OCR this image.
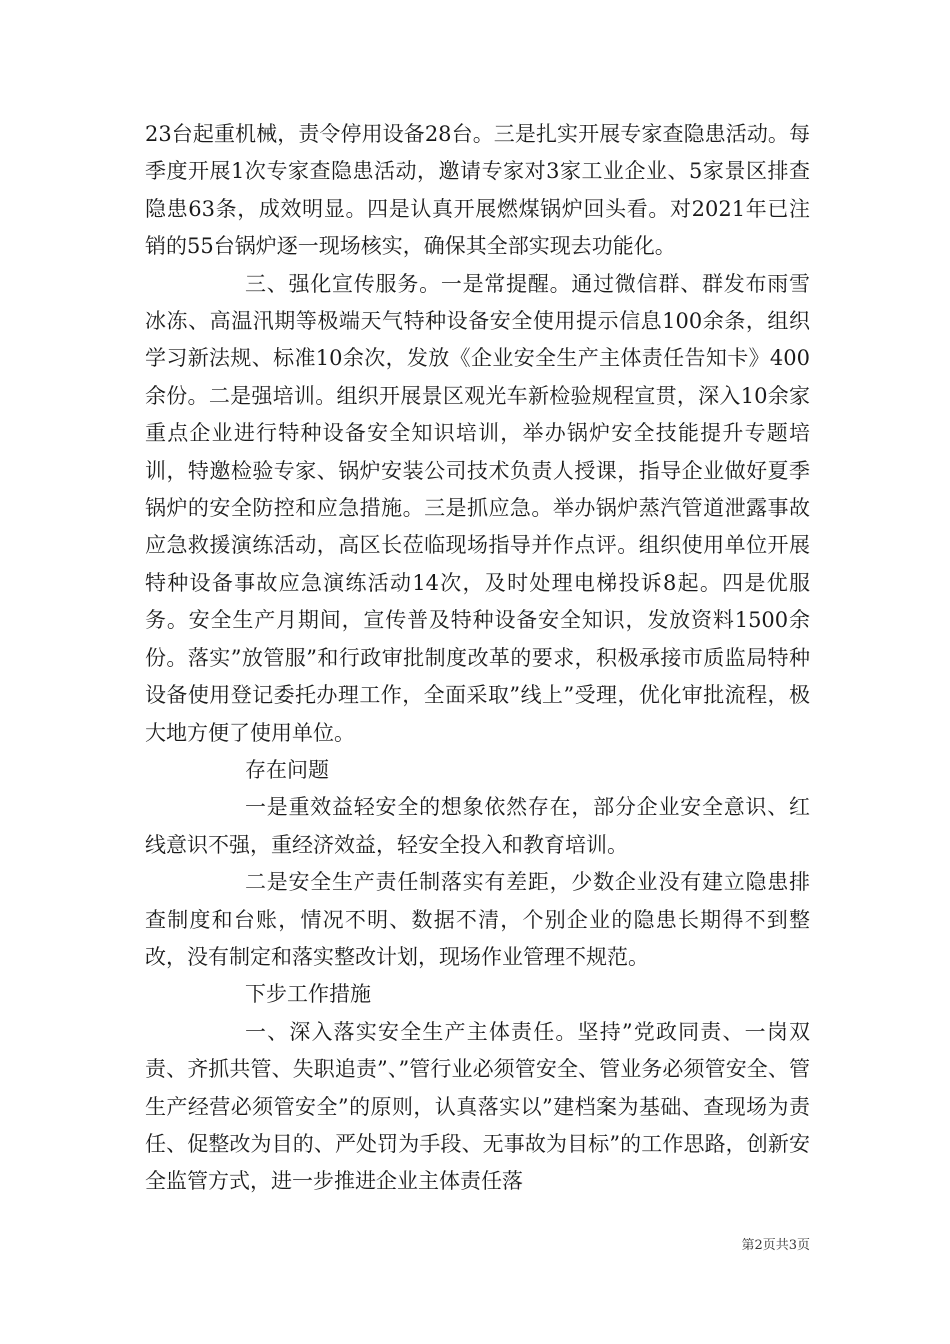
23台起重机械，责令停用设备28台。三是扎实开展专家查隐患活动。每季度开展1次专家查隐患活动，邀请专家对3家工业企业、5家景区排查隐患63条，成效明显。四是认真开展燃煤锅炉回头看。对2021年已注销的55台锅炉逐一现场核实，确保其全部实现去功能化。

三、强化宣传服务。一是常提醒。通过微信群、群发布雨雪冰冻、高温汛期等极端天气特种设备安全使用提示信息100余条，组织学习新法规、标准10余次，发放《企业安全生产主体责任告知卡》400余份。二是强培训。组织开展景区观光车新检验规程宣贯，深入10余家重点企业进行特种设备安全知识培训，举办锅炉安全技能提升专题培训，特邀检验专家、锅炉安装公司技术负责人授课，指导企业做好夏季锅炉的安全防控和应急措施。三是抓应急。举办锅炉蒸汽管道泄露事故应急救援演练活动，高区长莅临现场指导并作点评。组织使用单位开展特种设备事故应急演练活动14次，及时处理电梯投诉8起。四是优服务。安全生产月期间，宣传普及特种设备安全知识，发放资料1500余份。落实”放管服”和行政审批制度改革的要求，积极承接市质监局特种设备使用登记委托办理工作，全面采取”线上”受理，优化审批流程，极大地方便了使用单位。

存在问题

一是重效益轻安全的想象依然存在，部分企业安全意识、红线意识不强，重经济效益，轻安全投入和教育培训。

二是安全生产责任制落实有差距，少数企业没有建立隐患排查制度和台账，情况不明、数据不清，个别企业的隐患长期得不到整改，没有制定和落实整改计划，现场作业管理不规范。

下步工作措施

一、深入落实安全生产主体责任。坚持”党政同责、一岗双责、齐抓共管、失职追责”、”管行业必须管安全、管业务必须管安全、管生产经营必须管安全”的原则，认真落实以”建档案为基础、查现场为责任、促整改为目的、严处罚为手段、无事故为目标”的工作思路，创新安全监管方式，进一步推进企业主体责任落

第2页共3页
